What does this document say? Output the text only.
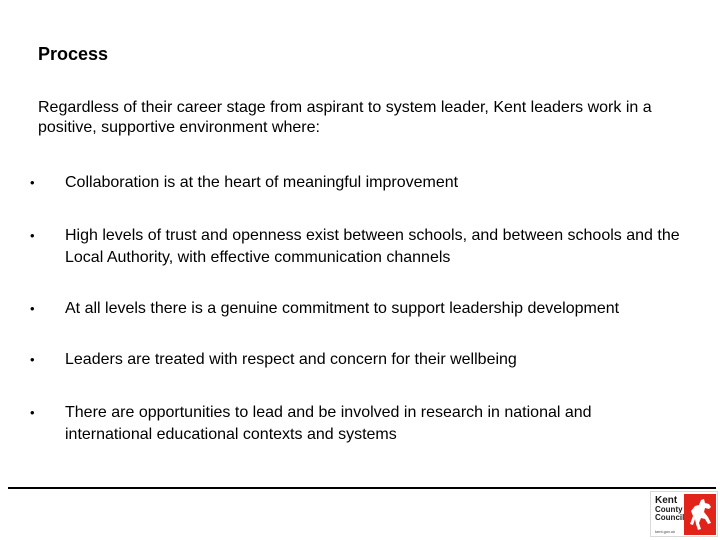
Process
Regardless of their career stage from aspirant to system leader, Kent leaders work in a positive, supportive environment where:
•	Collaboration is at the heart of meaningful improvement
•	High levels of trust and openness exist between schools, and between schools and the Local Authority, with effective communication channels
•	At all levels there is a genuine commitment to support leadership development
•	Leaders are treated with respect and concern for their wellbeing
•	There are opportunities to lead and be involved in research in national and international educational contexts and systems
Kent
County
Council
kent.gov.uk
